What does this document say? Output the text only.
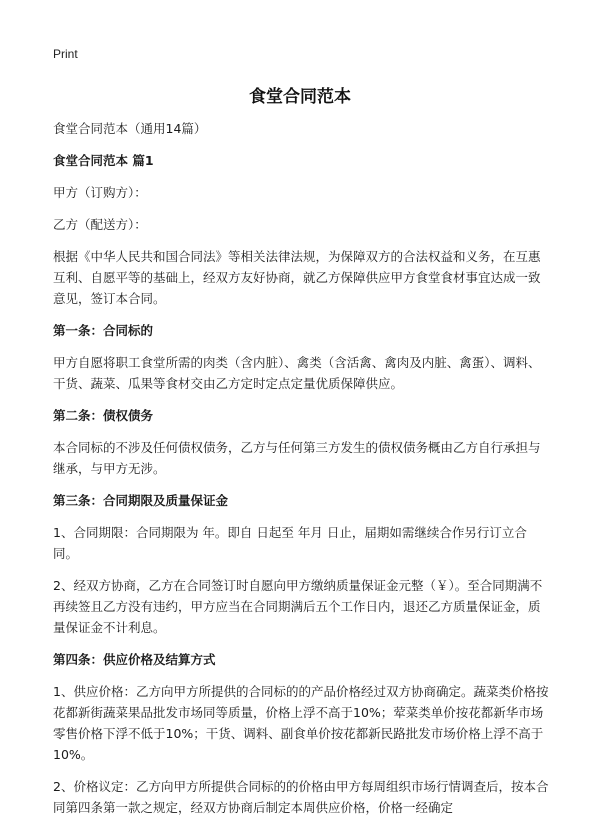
Print
食堂合同范本

食堂合同范本（通用14篇）

食堂合同范本 篇1

甲方（订购方）：

乙方（配送方）：

根据《中华人民共和国合同法》等相关法律法规，为保障双方的合法权益和义务，在互惠互利、自愿平等的基础上，经双方友好协商，就乙方保障供应甲方食堂食材事宜达成一致意见，签订本合同。

第一条：合同标的

甲方自愿将职工食堂所需的肉类（含内脏）、禽类（含活禽、禽肉及内脏、禽蛋）、调料、干货、蔬菜、瓜果等食材交由乙方定时定点定量优质保障供应。

第二条：债权债务

本合同标的不涉及任何债权债务，乙方与任何第三方发生的债权债务概由乙方自行承担与继承，与甲方无涉。

第三条：合同期限及质量保证金

1、合同期限：合同期限为 年。即自 日起至 年月 日止，届期如需继续合作另行订立合同。

2、经双方协商，乙方在合同签订时自愿向甲方缴纳质量保证金元整（￥）。至合同期满不再续签且乙方没有违约，甲方应当在合同期满后五个工作日内，退还乙方质量保证金，质量保证金不计利息。

第四条：供应价格及结算方式

1、供应价格：乙方向甲方所提供的合同标的的产品价格经过双方协商确定。蔬菜类价格按花都新街蔬菜果品批发市场同等质量，价格上浮不高于10%；荤菜类单价按花都新华市场零售价格下浮不低于10%；干货、调料、副食单价按花都新民路批发市场价格上浮不高于10%。

2、价格议定：乙方向甲方所提供合同标的的价格由甲方每周组织市场行情调查后，按本合同第四条第一款之规定，经双方协商后制定本周供应价格，价格一经确定
